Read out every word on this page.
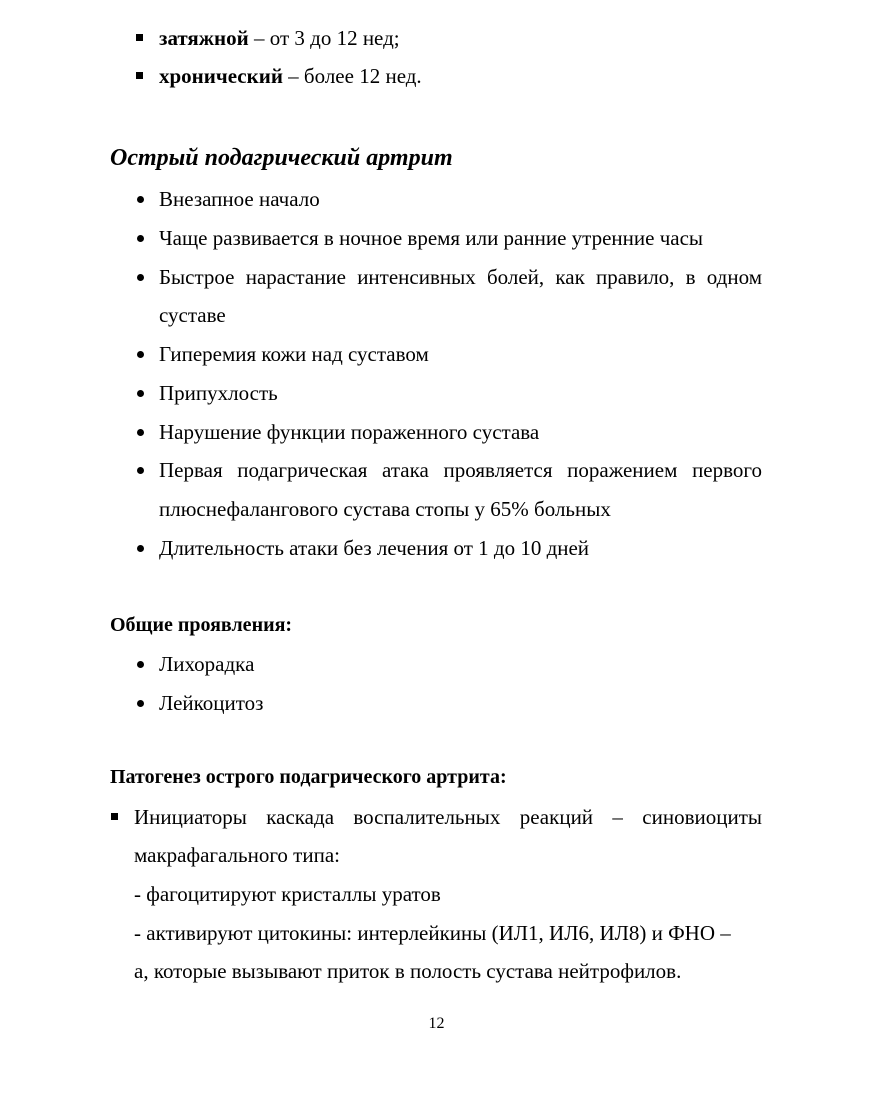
затяжной – от 3 до 12 нед;
хронический – более 12 нед.
Острый подагрический артрит
Внезапное начало
Чаще развивается в ночное время или ранние утренние часы
Быстрое нарастание интенсивных болей, как правило, в одном
суставе
Гиперемия кожи над суставом
Припухлость
Нарушение функции пораженного сустава
Первая подагрическая атака проявляется поражением первого
плюснефалангового сустава стопы у 65% больных
Длительность атаки без лечения от 1 до 10 дней
Общие проявления:
Лихорадка
Лейкоцитоз
Патогенез острого подагрического артрита:
Инициаторы каскада воспалительных реакций – синовиоциты
макрафагального типа:
- фагоцитируют кристаллы уратов
- активируют цитокины: интерлейкины (ИЛ1, ИЛ6, ИЛ8) и ФНО –
а, которые вызывают приток в полость сустава нейтрофилов.
12
